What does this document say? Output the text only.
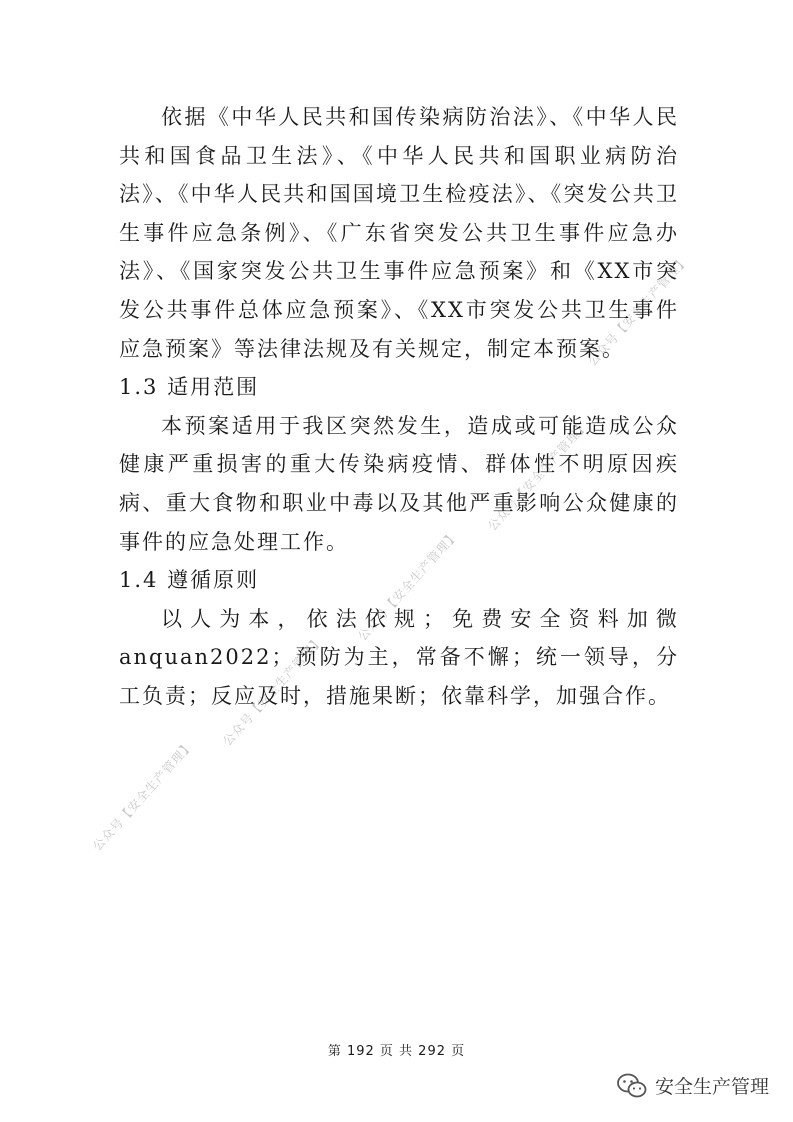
公众号【安全生产管理】
公众号【安全生产管理】
公众号【安全生产管理】
公众号【安全生产管理】
公众号【安全生产管理】

依据《中华人民共和国传染病防治法》、《中华人民共和国食品卫生法》、《中华人民共和国职业病防治法》、《中华人民共和国国境卫生检疫法》、《突发公共卫生事件应急条例》、《广东省突发公共卫生事件应急办法》、《国家突发公共卫生事件应急预案》和《XX市突发公共事件总体应急预案》、《XX市突发公共卫生事件应急预案》等法律法规及有关规定，制定本预案。

1.3 适用范围

本预案适用于我区突然发生，造成或可能造成公众健康严重损害的重大传染病疫情、群体性不明原因疾病、重大食物和职业中毒以及其他严重影响公众健康的事件的应急处理工作。

1.4 遵循原则

以人为本，依法依规；免费安全资料加微anquan2022；预防为主，常备不懈；统一领导，分工负责；反应及时，措施果断；依靠科学，加强合作。

第 192 页 共 292 页
安全生产管理
